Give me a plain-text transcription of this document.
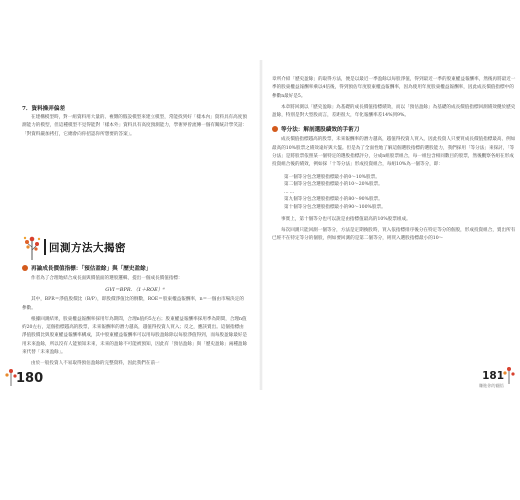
7．資料操弄偏差

在建構模型時，對一組資料用大量的、複雜的假設模型來建立模型，常能找到好「樣本內」資料具有高度預測能力的模型，但這種模型不見得能對「樣本外」資料具有高度預測能力，學術界曾流傳一個有關統計學笑話：「對資料嚴加拷打，它總會向你招認你所想要的答案」。

回測方法大揭密
再論成長價值指標：「預估盈餘」與「歷史盈餘」

作者為了合理地結合成長面與價值面的選股邏輯，提出一個成長價值指標：

GVI＝BPR．（1＋ROE）⁶

其中，BPR＝淨值股價比（B/P），即股價淨值比的倒數，ROE＝股東權益報酬率，n＝一個由市場決定的參數。

根據回測結果，股東權益報酬率採用年為期間，合理n值約5左右；股東權益報酬率採用季為期間，合理n值約20左右，這個指標越高的股票，未來報酬率的潛力越高，越值得投資人買入；反之，應該賣出。這個指標由淨值股價比與股東權益報酬率構成，其中股東權益報酬率可以用每股盈餘除以每股淨值得到，而每股盈餘最好是用未來盈餘，所以沒有人能預知未來，未來的盈餘不可能被預知，因此有「預估盈餘」與「歷史盈餘」兩種盈餘來代替「未來盈餘」。

由於一般投資人不易取得預估盈餘的完整資料，因此我們在前一

180

章所介紹「歷史盈餘」的取得方法，便是以最近一季盈餘以每股淨值，得到最近一季的股東權益報酬率，然後再將最近一季的股東權益報酬率乘以4倍後，得到預估年度股東權益報酬率，因為使用年度股東權益報酬率，因此成長價值指標中的參數n最好是5。

本章將回測以「歷史盈餘」為基礎的成長價值指標績效，而以「預估盈餘」為基礎的成長價值指標回測績效優於歷史盈餘，特別是對大型股而言，差距很大，年化報酬率差14%到9%。

等分法：解剖選股績效的手術刀

成長價值指標越高的股票，未來報酬率的潛力越高，越值得投資人買入，因此投資人只要買成長價值指標最高、例如最高的10%股票之績效遠好與大盤。但是為了全面性地了解這個選股指標的選股能力，我們採用「等分法」來探討，「等分法」是將股票依照某一個特定的選股指標評分，分成n組股票組合，每一組包含相同數目的股票，然後觀察各組在形成投資組合後的績效，例如採「十等分法」形成投資組合，每組10%為一個等分，即：

第一個等分包含選股指標最小的0～10%股票。
第二個等分包含選股指標最小的10～20%股票。
……
第九個等分包含選股指標最小的80～90%股票。
第十個等分包含選股指標最小的90～100%股票。

事實上，第十個等分也可以說是由指標值最高的10%股票組成。

每次回測只能回測一個等分，方法是定期換股時，買入依指標排序後分在特定等分的個股，形成投資組合，賣出所有已經不在特定等分的個股，例如要回測的是第二個等分，則買入選股指標最小的10～

181
賺進你的翻倍
